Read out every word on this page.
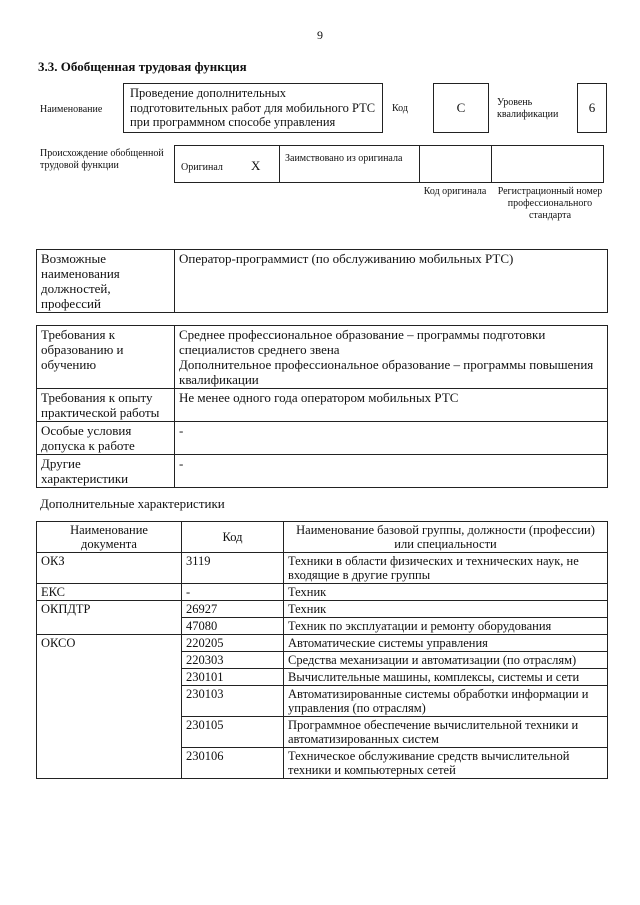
9
3.3. Обобщенная трудовая функция
Наименование
Проведение дополнительных подготовительных работ для мобильного РТС при программном способе управления
Код	C	Уровень квалификации	6
Происхождение обобщенной трудовой функции	Оригинал X Заимствовано из оригинала
Код оригинала	Регистрационный номер профессионального стандарта
Возможные наименования должностей, профессий	Оператор-программист (по обслуживанию мобильных РТС)
Требования к образованию и обучению	Среднее профессиональное образование – программы подготовки специалистов среднего звена
Дополнительное профессиональное образование – программы повышения квалификации

Требования к опыту практической работы	Не менее одного года оператором мобильных РТС
Особые условия допуска к работе	-
Другие характеристики	-
Дополнительные характеристики
Наименование документа	Код	Наименование базовой группы, должности (профессии) или специальности
ОКЗ	3119	Техники в области физических и технических наук, не входящие в другие группы
ЕКС	-	Техник
ОКПДТР	26927	Техник
	47080	Техник по эксплуатации и ремонту оборудования
ОКСО	220205	Автоматические системы управления
	220303	Средства механизации и автоматизации (по отраслям)
	230101	Вычислительные машины, комплексы, системы и сети
	230103	Автоматизированные системы обработки информации и управления (по отраслям)
	230105	Программное обеспечение вычислительной техники и автоматизированных систем
	230106	Техническое обслуживание средств вычислительной техники и компьютерных сетей
